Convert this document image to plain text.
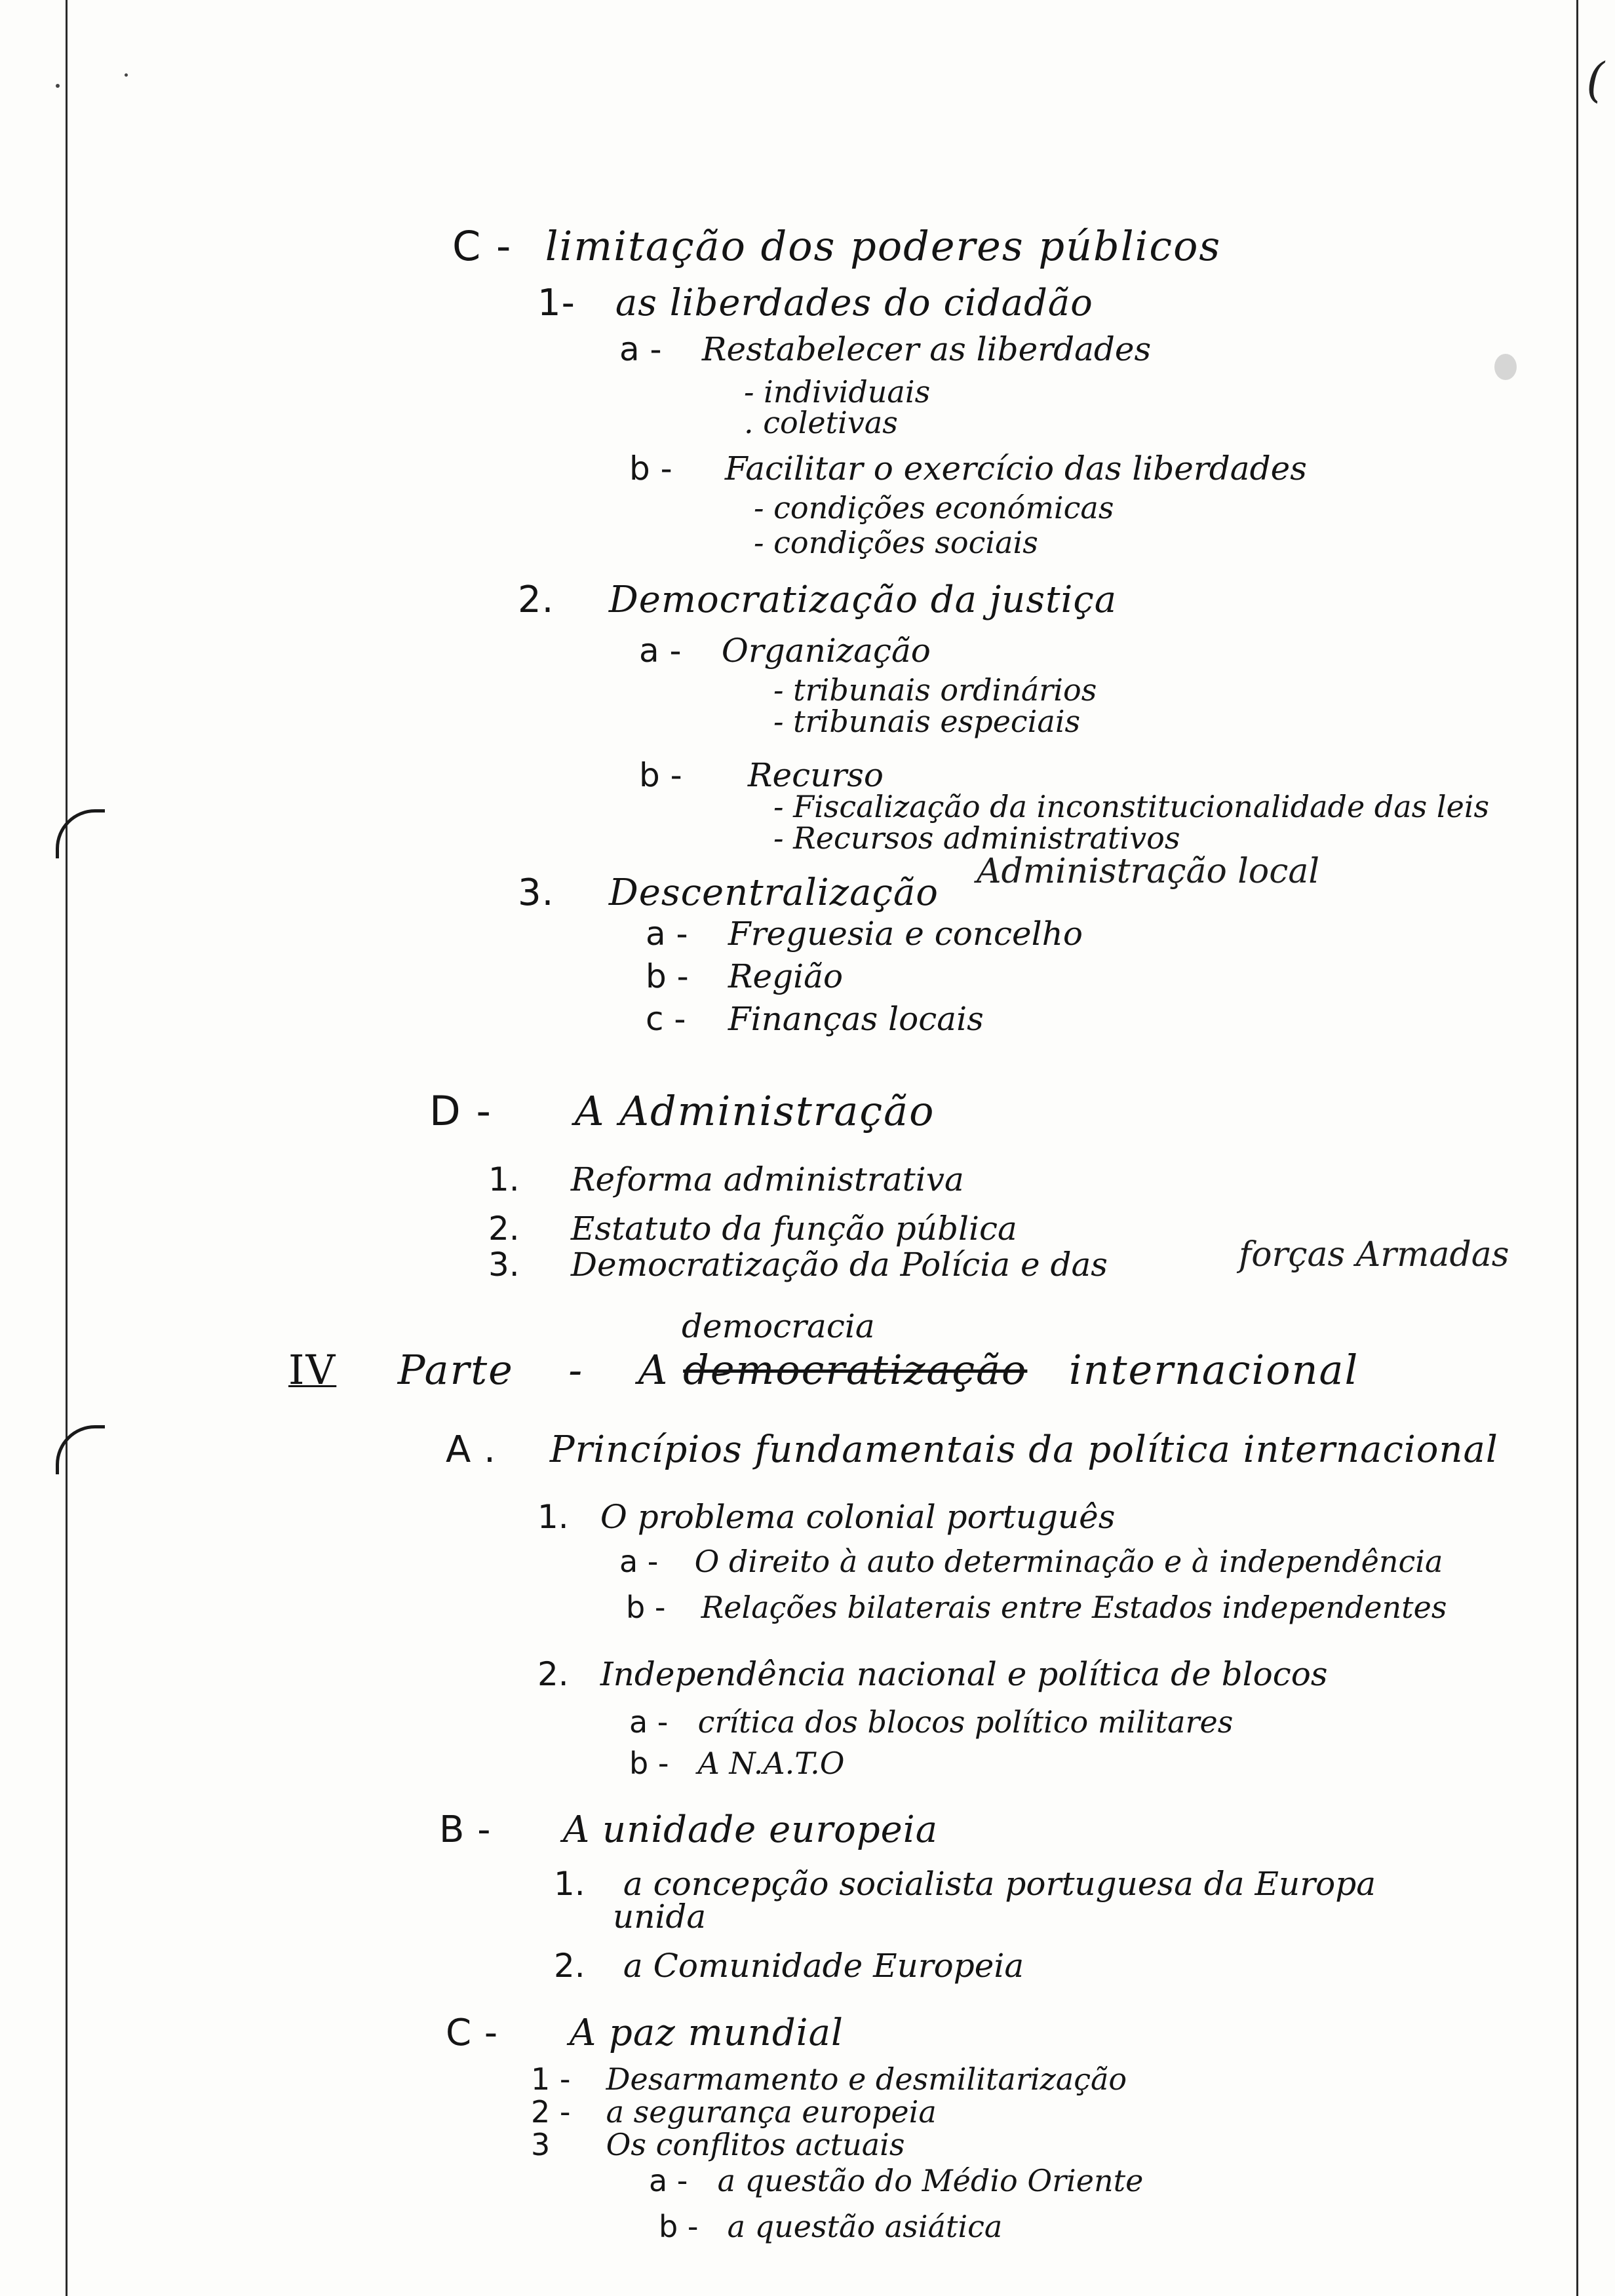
(
C - limitação dos poderes públicos
1- as liberdades do cidadão
a - Restabelecer as liberdades
- individuais
. coletivas
b - Facilitar o exercício das liberdades
- condições económicas
- condições sociais
2. Democratização da justiça
a - Organização
- tribunais ordinários
- tribunais especiais
b - Recurso
- Fiscalização da inconstitucionalidade das leis
- Recursos administrativos
3. Descentralização Administração local
a - Freguesia e concelho
b - Região
c - Finanças locais
D - A Administração
1. Reforma administrativa
2. Estatuto da função pública
3. Democratização da Polícia e das	forças Armadas
democracia
IV Parte - A democratização internacional
A . Princípios fundamentais da política internacional
1. O problema colonial português
a - O direito à auto determinação e à independência
b - Relações bilaterais entre Estados independentes
2. Independência nacional e política de blocos
a - crítica dos blocos político militares
b - A N.A.T.O
B - A unidade europeia
1. a concepção socialista portuguesa da Europa
unida
2. a Comunidade Europeia
C - A paz mundial
1 - Desarmamento e desmilitarização
2 - a segurança europeia
3 Os conflitos actuais
a - a questão do Médio Oriente
b - a questão asiática
